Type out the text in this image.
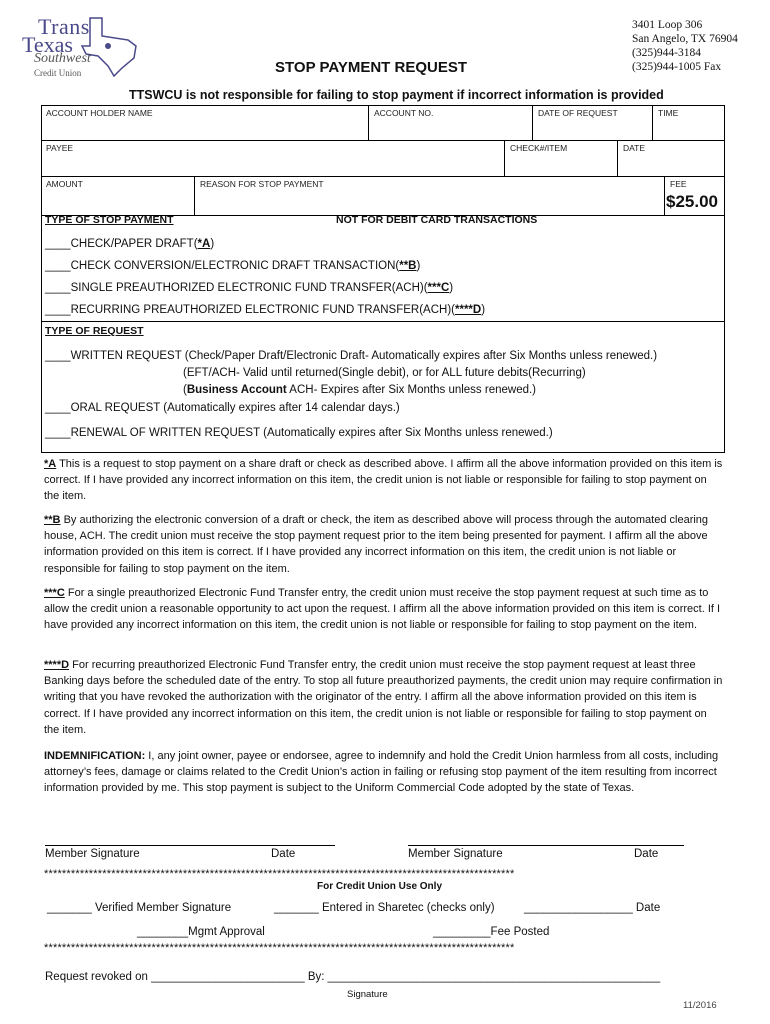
Trans
Texas
Southwest
Credit Union
3401 Loop 306
San Angelo, TX 76904
(325)944-3184
(325)944-1005 Fax
STOP PAYMENT REQUEST
TTSWCU is not responsible for failing to stop payment if incorrect information is provided
ACCOUNT HOLDER NAME	ACCOUNT NO.	DATE OF REQUEST	TIME
PAYEE	CHECK#/ITEM	DATE
AMOUNT	REASON FOR STOP PAYMENT	FEE
$25.00
TYPE OF STOP PAYMENT	NOT FOR DEBIT CARD TRANSACTIONS
____CHECK/PAPER DRAFT(*A)
____CHECK CONVERSION/ELECTRONIC DRAFT TRANSACTION(**B)
____SINGLE PREAUTHORIZED ELECTRONIC FUND TRANSFER(ACH)(***C)
____RECURRING PREAUTHORIZED ELECTRONIC FUND TRANSFER(ACH)(****D)
TYPE OF REQUEST
____WRITTEN REQUEST (Check/Paper Draft/Electronic Draft- Automatically expires after Six Months unless renewed.)
(EFT/ACH- Valid until returned(Single debit), or for ALL future debits(Recurring)
(Business Account ACH- Expires after Six Months unless renewed.)
____ORAL REQUEST (Automatically expires after 14 calendar days.)
____RENEWAL OF WRITTEN REQUEST (Automatically expires after Six Months unless renewed.)
*A This is a request to stop payment on a share draft or check as described above. I affirm all the above information provided on this item is correct. If I have provided any incorrect information on this item, the credit union is not liable or responsible for failing to stop payment on the item.
**B By authorizing the electronic conversion of a draft or check, the item as described above will process through the automated clearing house, ACH. The credit union must receive the stop payment request prior to the item being presented for payment. I affirm all the above information provided on this item is correct. If I have provided any incorrect information on this item, the credit union is not liable or responsible for failing to stop payment on the item.
***C For a single preauthorized Electronic Fund Transfer entry, the credit union must receive the stop payment request at such time as to allow the credit union a reasonable opportunity to act upon the request. I affirm all the above information provided on this item is correct. If I have provided any incorrect information on this item, the credit union is not liable or responsible for failing to stop payment on the item.
****D For recurring preauthorized Electronic Fund Transfer entry, the credit union must receive the stop payment request at least three Banking days before the scheduled date of the entry. To stop all future preauthorized payments, the credit union may require confirmation in writing that you have revoked the authorization with the originator of the entry. I affirm all the above information provided on this item is correct. If I have provided any incorrect information on this item, the credit union is not liable or responsible for failing to stop payment on the item.
INDEMNIFICATION: I, any joint owner, payee or endorsee, agree to indemnify and hold the Credit Union harmless from all costs, including attorney’s fees, damage or claims related to the Credit Union’s action in failing or refusing stop payment of the item resulting from incorrect information provided by me. This stop payment is subject to the Uniform Commercial Code adopted by the state of Texas.
Member Signature	Date	Member Signature	Date
*********************************************************************************************************
For Credit Union Use Only
_______ Verified Member Signature	_______ Entered in Sharetec (checks only)	_________________ Date
________Mgmt Approval	_________Fee Posted
*********************************************************************************************************
Request revoked on ________________________ By: ____________________________________________________
Signature
11/2016
